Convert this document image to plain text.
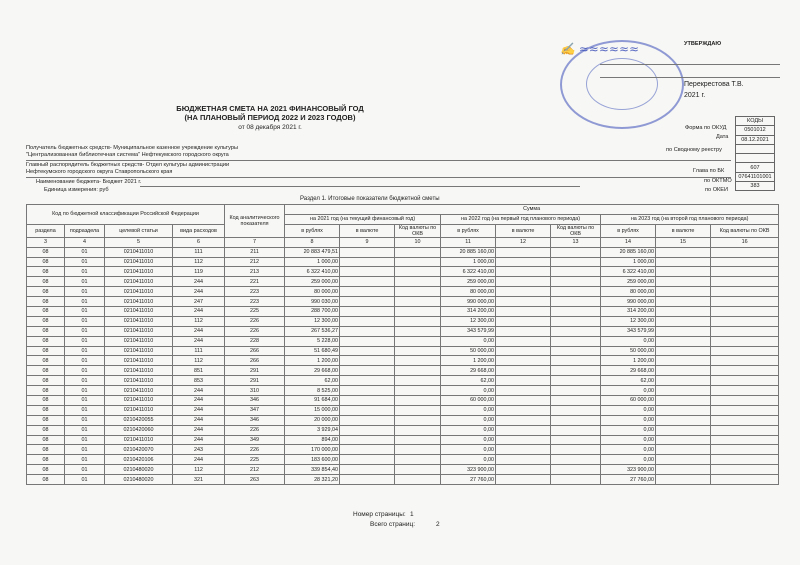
✍ ≈≈≈≈≈≈	УТВЕРЖДАЮ
Перекрестова Т.В.
2021 г.
БЮДЖЕТНАЯ СМЕТА НА 2021 ФИНАНСОВЫЙ ГОД
(НА ПЛАНОВЫЙ ПЕРИОД 2022 И 2023 ГОДОВ)
от 08 декабря 2021 г.
КОДЫ
0501012
08.12.2021

607
07641101001
383
Форма по ОКУД
Дата
по Сводному реестру
Глава по БК
по ОКТМО
по ОКЕИ
Получатель бюджетных средств- Муниципальное казенное учреждение культуры
"Централизованная библиотечная система" Нефтекумского городского округа
Главный распорядитель бюджетных средств- Отдел культуры администрации
Нефтекумского городского округа Ставропольского края
Наименование бюджета- Бюджет 2021 г.
Единица измерения: руб
Раздел 1. Итоговые показатели бюджетной сметы
Код по бюджетной классификации Российской Федерации				Код аналитического показателя	Сумма								
					на 2021 год (на текущий финансовый год)			на 2022 год (на первый год планового периода)			на 2023 год (на второй год планового периода)		
					в рублях	в валюте	Код валюты по ОКВ	в рублях	в валюте	Код валюты по ОКВ	в рублях	в валюте	Код валюты по ОКВ
раздела	подраздела	целевой статьи	вида расходов										
3	4	5	6	7	8	9	10	11	12	13	14	15	16
08	01	0210411010	111	211	20 883 479,51			20 885 160,00			20 885 160,00		
08	01	0210411010	112	212	1 000,00			1 000,00			1 000,00		
08	01	0210411010	119	213	6 322 410,00			6 322 410,00			6 322 410,00		
08	01	0210411010	244	221	259 000,00			259 000,00			259 000,00		
08	01	0210411010	244	223	80 000,00			80 000,00			80 000,00		
08	01	0210411010	247	223	990 030,00			990 000,00			990 000,00		
08	01	0210411010	244	225	288 700,00			314 200,00			314 200,00		
08	01	0210411010	112	226	12 300,00			12 300,00			12 300,00		
08	01	0210411010	244	226	267 536,27			343 579,99			343 579,99		
08	01	0210411010	244	228	5 228,00			0,00			0,00		
08	01	0210411010	111	266	51 680,49			50 000,00			50 000,00		
08	01	0210411010	112	266	1 200,00			1 200,00			1 200,00		
08	01	0210411010	851	291	29 668,00			29 668,00			29 668,00		
08	01	0210411010	853	291	62,00			62,00			62,00		
08	01	0210411010	244	310	8 525,00			0,00			0,00		
08	01	0210411010	244	346	91 684,00			60 000,00			60 000,00		
08	01	0210411010	244	347	15 000,00			0,00			0,00		
08	01	0210420055	244	346	20 000,00			0,00			0,00		
08	01	0210420060	244	226	3 929,04			0,00			0,00		
08	01	0210411010	244	349	894,00			0,00			0,00		
08	01	0210420070	243	226	170 000,00			0,00			0,00		
08	01	0210420106	244	225	183 600,00			0,00			0,00		
08	01	0210480020	112	212	339 854,40			323 900,00			323 900,00		
08	01	0210480020	321	263	28 321,20			27 760,00			27 760,00		
Номер страницы: 1
Всего страниц:	2
